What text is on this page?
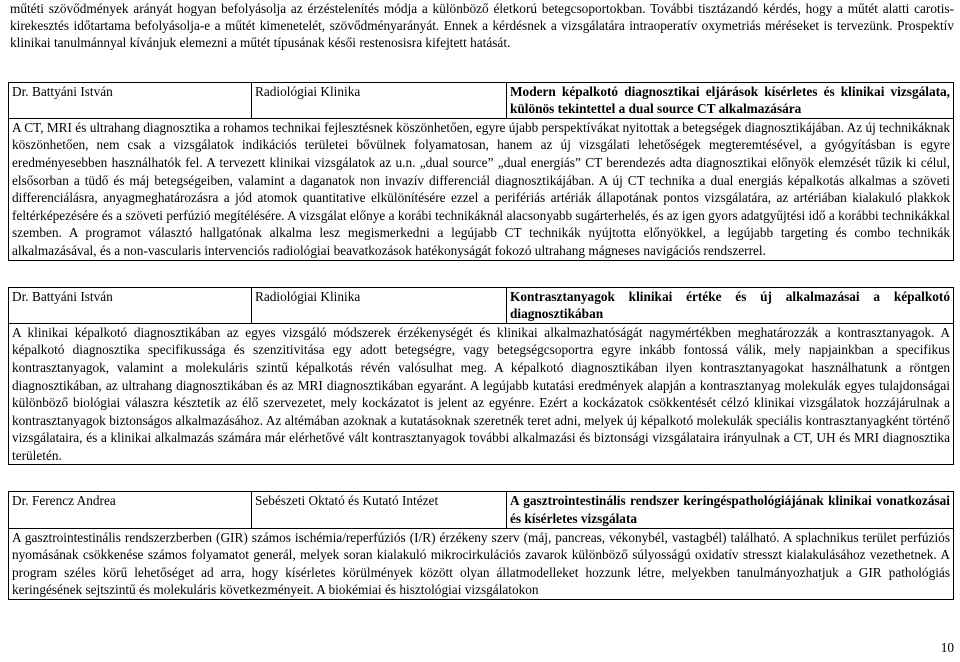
műtéti szövődmények arányát hogyan befolyásolja az érzéstelenítés módja a különböző életkorú betegcsoportokban. További tisztázandó kérdés, hogy a műtét alatti carotis-kirekesztés időtartama befolyásolja-e a műtét kimenetelét, szövődményarányát. Ennek a kérdésnek a vizsgálatára intraoperatív oxymetriás méréseket is tervezünk. Prospektív klinikai tanulmánnyal kívánjuk elemezni a műtét típusának késői restenosisra kifejtett hatását.

Dr. Battyáni István	Radiológiai Klinika	Modern képalkotó diagnosztikai eljárások kísérletes és klinikai vizsgálata, különös tekintettel a dual source CT alkalmazására
A CT, MRI és ultrahang diagnosztika a rohamos technikai fejlesztésnek köszönhetően, egyre újabb perspektívákat nyitottak a betegségek diagnosztikájában. Az új technikáknak köszönhetően, nem csak a vizsgálatok indikációs területei bővülnek folyamatosan, hanem az új vizsgálati lehetőségek megteremtésével, a gyógyításban is egyre eredményesebben használhatók fel. A tervezett klinikai vizsgálatok az u.n. „dual source” „dual energiás” CT berendezés adta diagnosztikai előnyök elemzését tűzik ki célul, elsősorban a tüdő és máj betegségeiben, valamint a daganatok non invazív differenciál diagnosztikájában. A új CT technika a dual energiás képalkotás alkalmas a szöveti differenciálásra, anyagmeghatározásra a jód atomok quantitative elkülönítésére ezzel a perifériás artériák állapotának pontos vizsgálatára, az artériában kialakuló plakkok feltérképezésére és a szöveti perfúzió megítélésére. A vizsgálat előnye a korábi technikáknál alacsonyabb sugárterhelés, és az igen gyors adatgyűjtési idő a korábbi technikákkal szemben. A programot választó hallgatónak alkalma lesz megismerkedni a legújabb CT technikák nyújtotta előnyökkel, a legújabb targeting és combo technikák alkalmazásával, és a non-vascularis intervenciós radiológiai beavatkozások hatékonyságát fokozó ultrahang mágneses navigációs rendszerrel.
Dr. Battyáni István	Radiológiai Klinika	Kontrasztanyagok klinikai értéke és új alkalmazásai a képalkotó diagnosztikában
A klinikai képalkotó diagnosztikában az egyes vizsgáló módszerek érzékenységét és klinikai alkalmazhatóságát nagymértékben meghatározzák a kontrasztanyagok. A képalkotó diagnosztika specifikussága és szenzitivitása egy adott betegségre, vagy betegségcsoportra egyre inkább fontossá válik, mely napjainkban a specifikus kontrasztanyagok, valamint a molekuláris szintű képalkotás révén valósulhat meg. A képalkotó diagnosztikában ilyen kontrasztanyagokat használhatunk a röntgen diagnosztikában, az ultrahang diagnosztikában és az MRI diagnosztikában egyaránt. A legújabb kutatási eredmények alapján a kontrasztanyag molekulák egyes tulajdonságai különböző biológiai válaszra késztetik az élő szervezetet, mely kockázatot is jelent az egyénre. Ezért a kockázatok csökkentését célzó klinikai vizsgálatok hozzájárulnak a kontrasztanyagok biztonságos alkalmazásához. Az altémában azoknak a kutatásoknak szeretnék teret adni, melyek új képalkotó molekulák speciális kontrasztanyagként történő vizsgálataira, és a klinikai alkalmazás számára már elérhetővé vált kontrasztanyagok további alkalmazási és biztonsági vizsgálataira irányulnak a CT, UH és MRI diagnosztika területén.
Dr. Ferencz Andrea	Sebészeti Oktató és Kutató Intézet	A gasztrointestinális rendszer keringéspathológiájának klinikai vonatkozásai és kísérletes vizsgálata
A gasztrointestinális rendszerzberben (GIR) számos ischémia/reperfúziós (I/R) érzékeny szerv (máj, pancreas, vékonybél, vastagbél) található. A splachnikus terület perfúziós nyomásának csökkenése számos folyamatot generál, melyek soran kialakuló mikrocirkulációs zavarok különböző súlyosságú oxidatív stresszt kialakulásához vezethetnek. A program széles körű lehetőséget ad arra, hogy kísérletes körülmények között olyan állatmodelleket hozzunk létre, melyekben tanulmányozhatjuk a GIR pathológiás keringésének sejtszintű és molekuláris következményeit. A biokémiai és hisztológiai vizsgálatokon
10
